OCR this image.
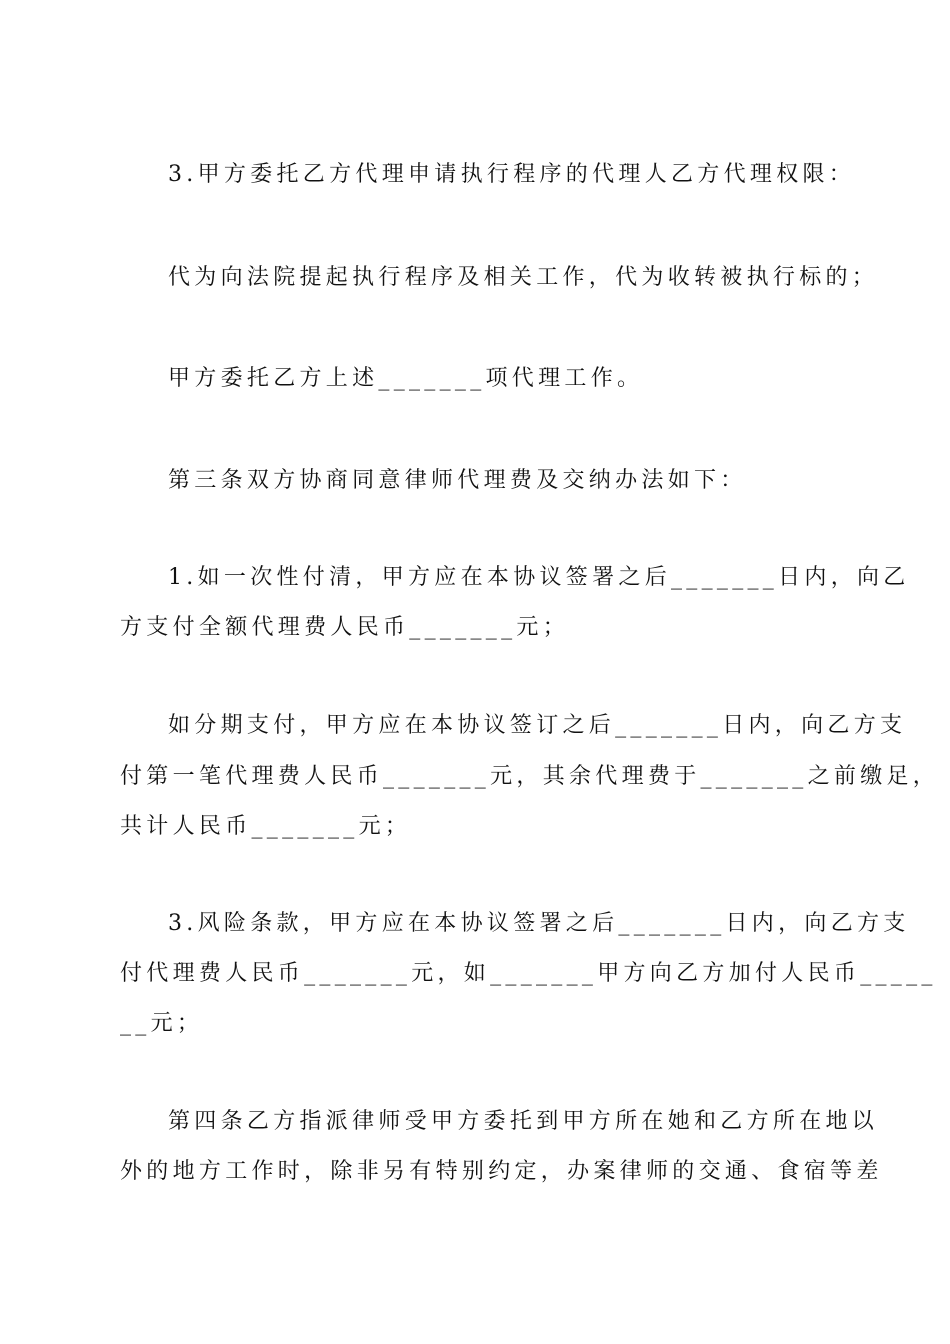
3.甲方委托乙方代理申请执行程序的代理人乙方代理权限：
代为向法院提起执行程序及相关工作，代为收转被执行标的；
甲方委托乙方上述_______项代理工作。
第三条双方协商同意律师代理费及交纳办法如下：
1.如一次性付清，甲方应在本协议签署之后_______日内，向乙
方支付全额代理费人民币_______元；
如分期支付，甲方应在本协议签订之后_______日内，向乙方支
付第一笔代理费人民币_______元，其余代理费于_______之前缴足，
共计人民币_______元；
3.风险条款，甲方应在本协议签署之后_______日内，向乙方支
付代理费人民币_______元，如_______甲方向乙方加付人民币_____
__元；
第四条乙方指派律师受甲方委托到甲方所在她和乙方所在地以
外的地方工作时，除非另有特别约定，办案律师的交通、食宿等差
